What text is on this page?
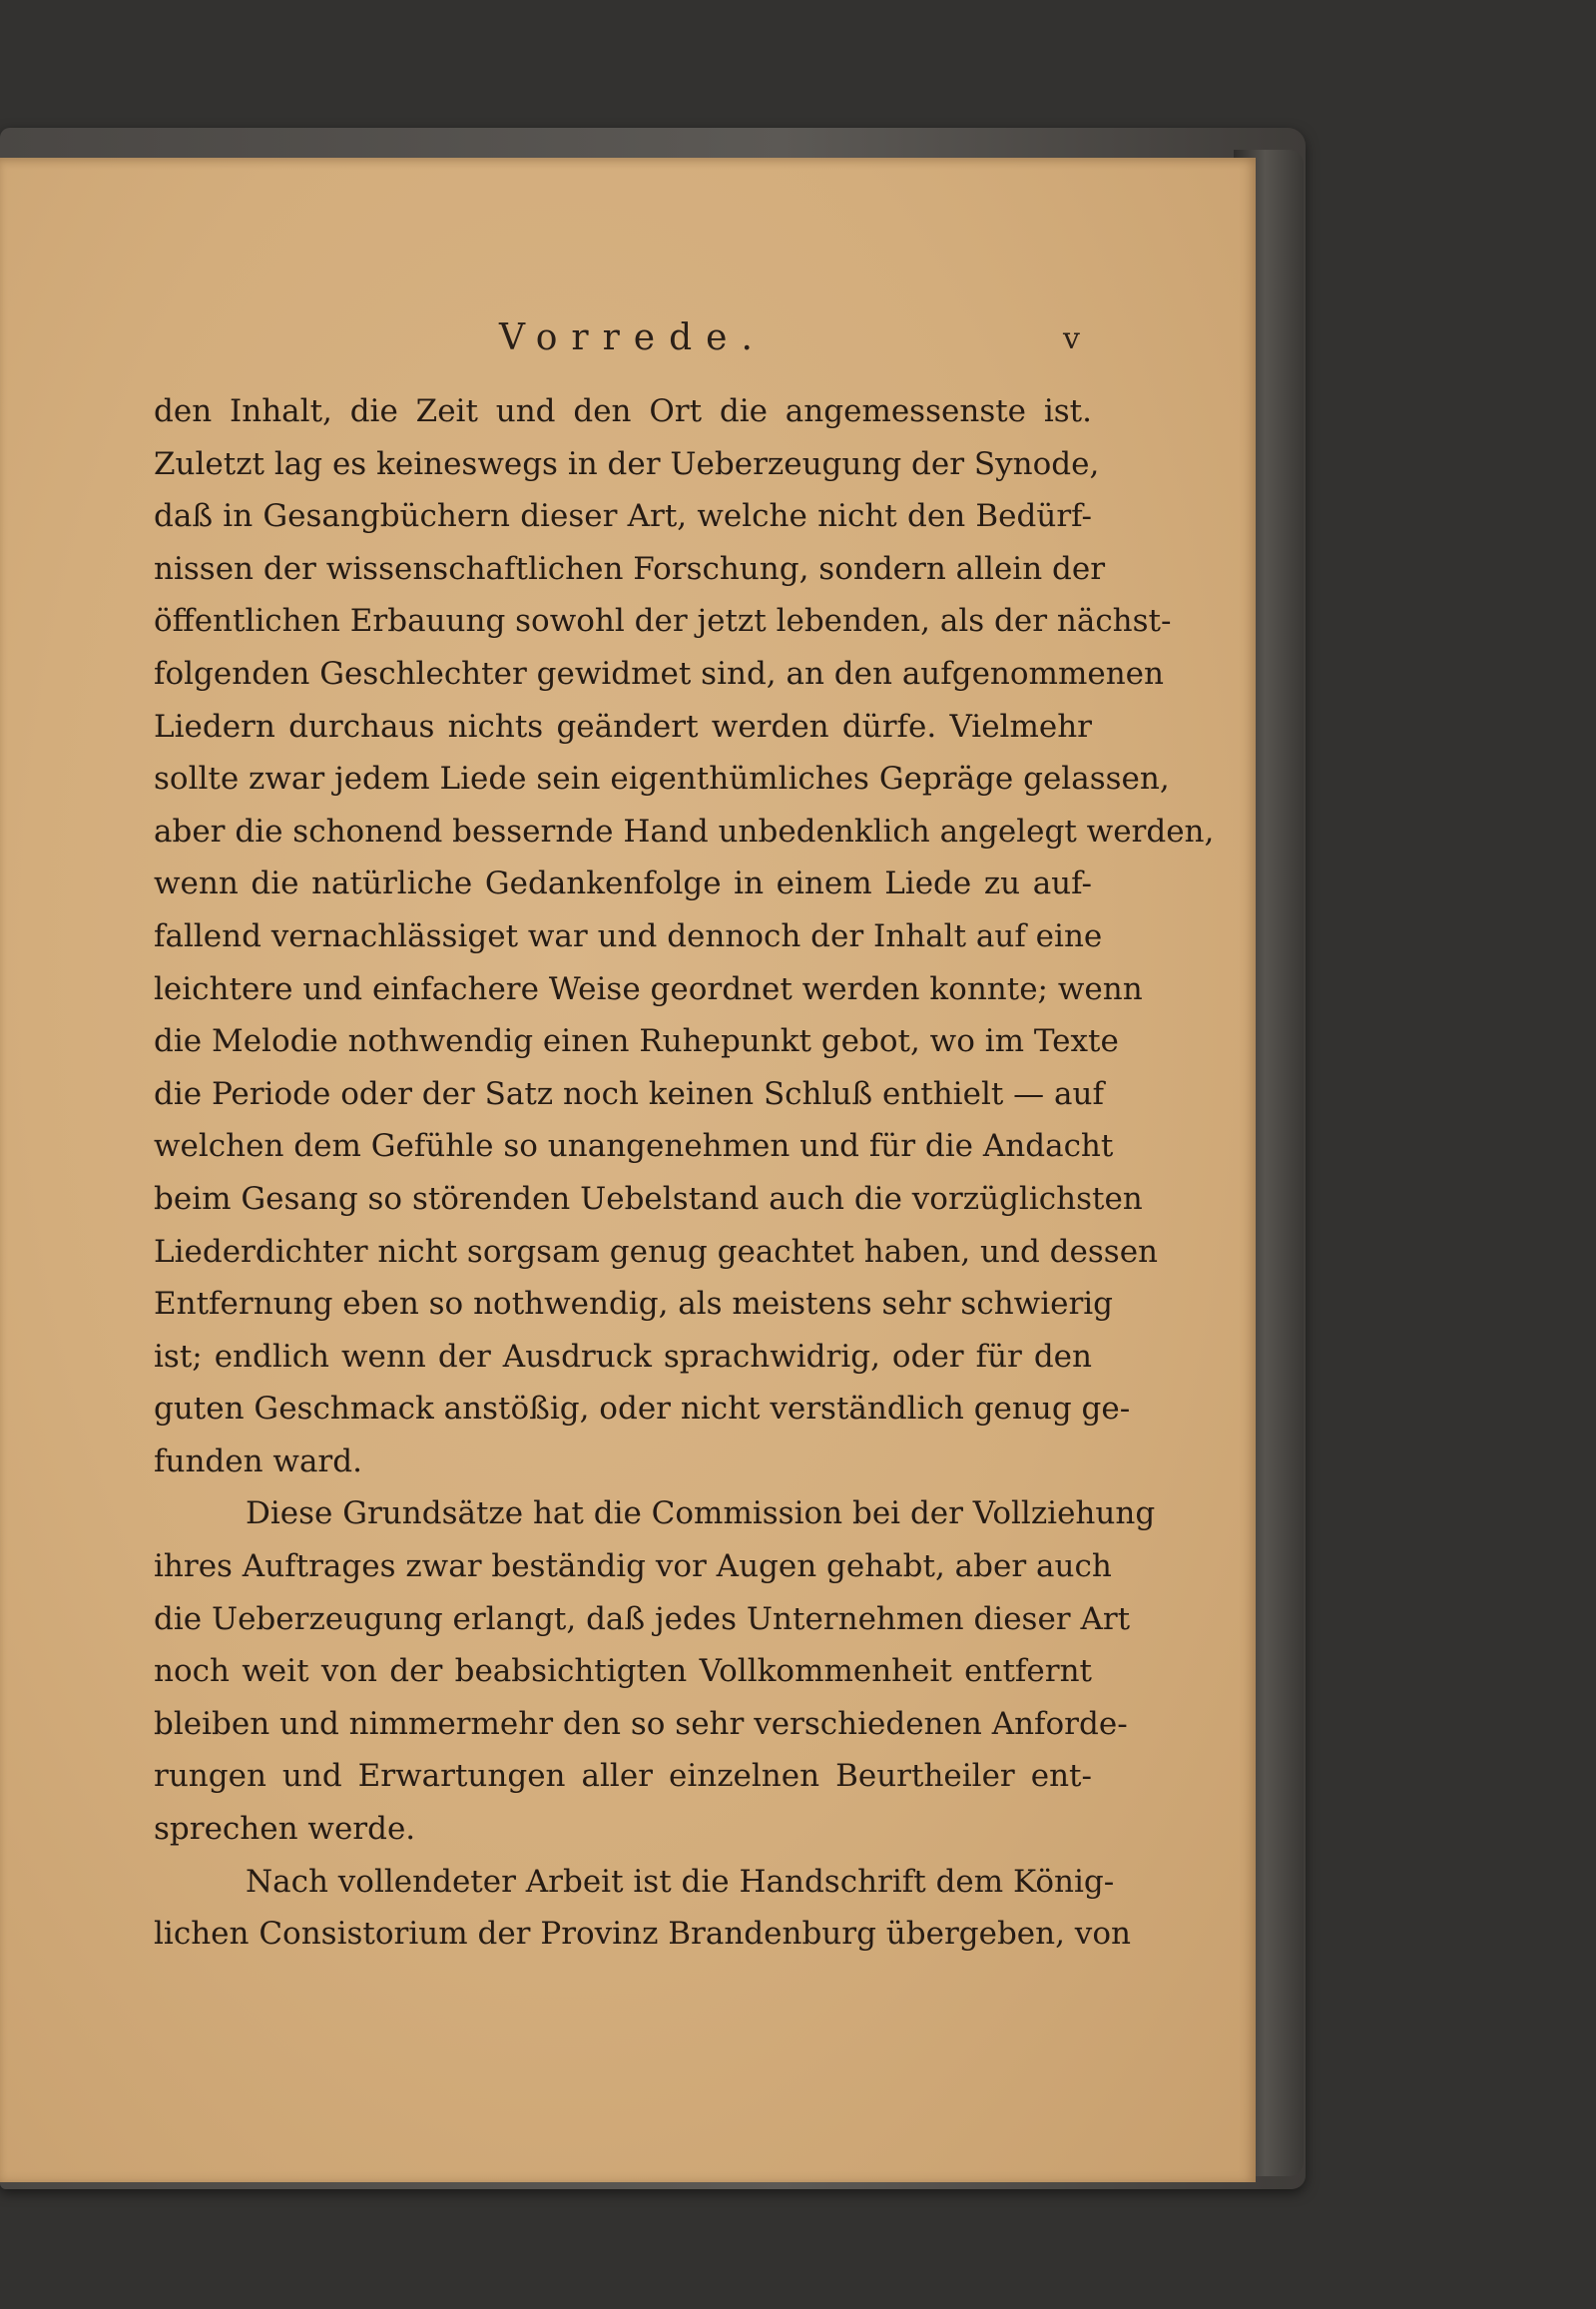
Vorrede.	v
den Inhalt, die Zeit und den Ort die angemessenste ist.
Zuletzt lag es keineswegs in der Ueberzeugung der Synode,
daß in Gesangbüchern dieser Art, welche nicht den Bedürf-
nissen der wissenschaftlichen Forschung, sondern allein der
öffentlichen Erbauung sowohl der jetzt lebenden, als der nächst-
folgenden Geschlechter gewidmet sind, an den aufgenommenen
Liedern durchaus nichts geändert werden dürfe. Vielmehr
sollte zwar jedem Liede sein eigenthümliches Gepräge gelassen,
aber die schonend bessernde Hand unbedenklich angelegt werden,
wenn die natürliche Gedankenfolge in einem Liede zu auf-
fallend vernachlässiget war und dennoch der Inhalt auf eine
leichtere und einfachere Weise geordnet werden konnte; wenn
die Melodie nothwendig einen Ruhepunkt gebot, wo im Texte
die Periode oder der Satz noch keinen Schluß enthielt — auf
welchen dem Gefühle so unangenehmen und für die Andacht
beim Gesang so störenden Uebelstand auch die vorzüglichsten
Liederdichter nicht sorgsam genug geachtet haben, und dessen
Entfernung eben so nothwendig, als meistens sehr schwierig
ist; endlich wenn der Ausdruck sprachwidrig, oder für den
guten Geschmack anstößig, oder nicht verständlich genug ge-
funden ward.
Diese Grundsätze hat die Commission bei der Vollziehung
ihres Auftrages zwar beständig vor Augen gehabt, aber auch
die Ueberzeugung erlangt, daß jedes Unternehmen dieser Art
noch weit von der beabsichtigten Vollkommenheit entfernt
bleiben und nimmermehr den so sehr verschiedenen Anforde-
rungen und Erwartungen aller einzelnen Beurtheiler ent-
sprechen werde.
Nach vollendeter Arbeit ist die Handschrift dem König-
lichen Consistorium der Provinz Brandenburg übergeben, von
